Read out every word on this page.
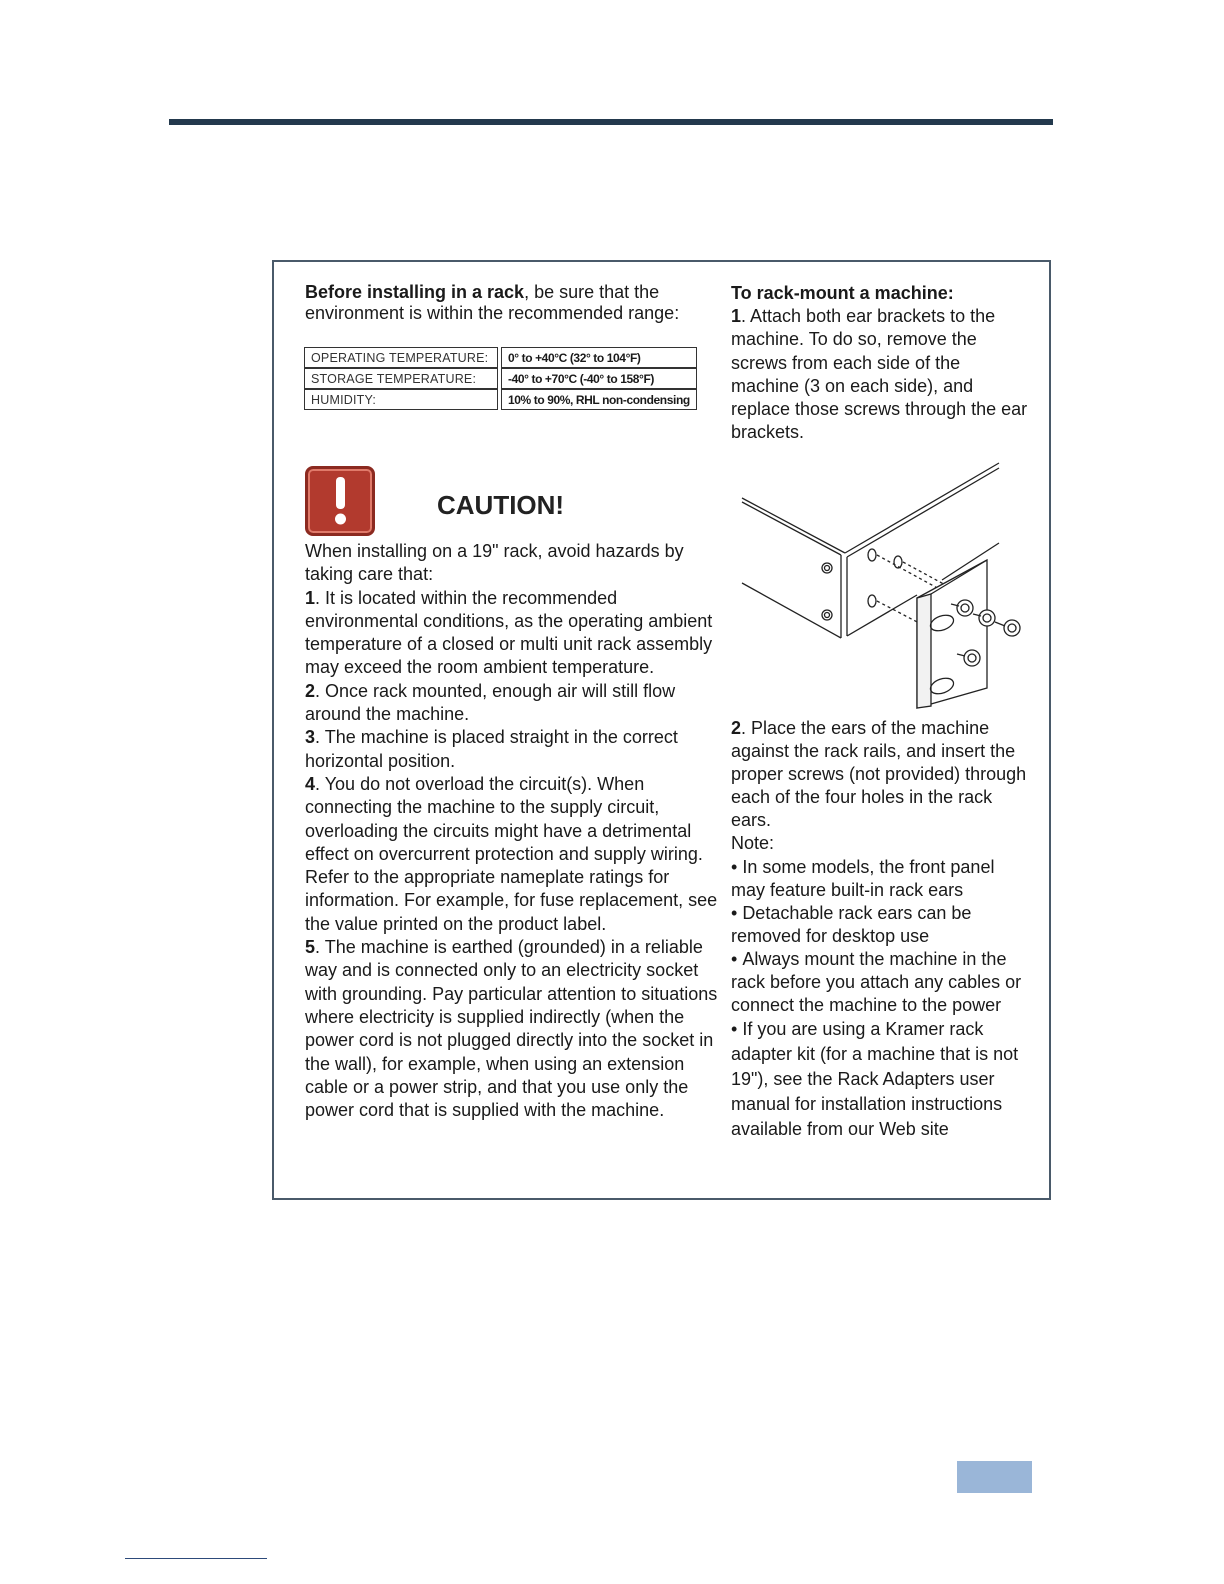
Before installing in a rack, be sure that the environment is within the recommended range:

OPERATING TEMPERATURE:	0° to +40°C (32° to 104°F)
STORAGE TEMPERATURE:	-40° to +70°C (-40° to 158°F)
HUMIDITY:	10% to 90%, RHL non-condensing
CAUTION!

When installing on a 19" rack, avoid hazards by taking care that:

1. It is located within the recommended environmental conditions, as the operating ambient temperature of a closed or multi unit rack assembly may exceed the room ambient temperature.

2. Once rack mounted, enough air will still flow around the machine.

3. The machine is placed straight in the correct horizontal position.

4. You do not overload the circuit(s). When connecting the machine to the supply circuit, overloading the circuits might have a detrimental effect on overcurrent protection and supply wiring. Refer to the appropriate nameplate ratings for information. For example, for fuse replacement, see the value printed on the product label.

5. The machine is earthed (grounded) in a reliable way and is connected only to an electricity socket with grounding. Pay particular attention to situations where electricity is supplied indirectly (when the power cord is not plugged directly into the socket in the wall), for example, when using an extension cable or a power strip, and that you use only the power cord that is supplied with the machine.

To rack-mount a machine:

1. Attach both ear brackets to the machine. To do so, remove the screws from each side of the machine (3 on each side), and replace those screws through the ear brackets.

2. Place the ears of the machine against the rack rails, and insert the proper screws (not provided) through each of the four holes in the rack ears.

Note:

• In some models, the front panel may feature built-in rack ears

• Detachable rack ears can be removed for desktop use

• Always mount the machine in the rack before you attach any cables or connect the machine to the power

• If you are using a Kramer rack adapter kit (for a machine that is not 19"), see the Rack Adapters user manual for installation instructions available from our Web site
